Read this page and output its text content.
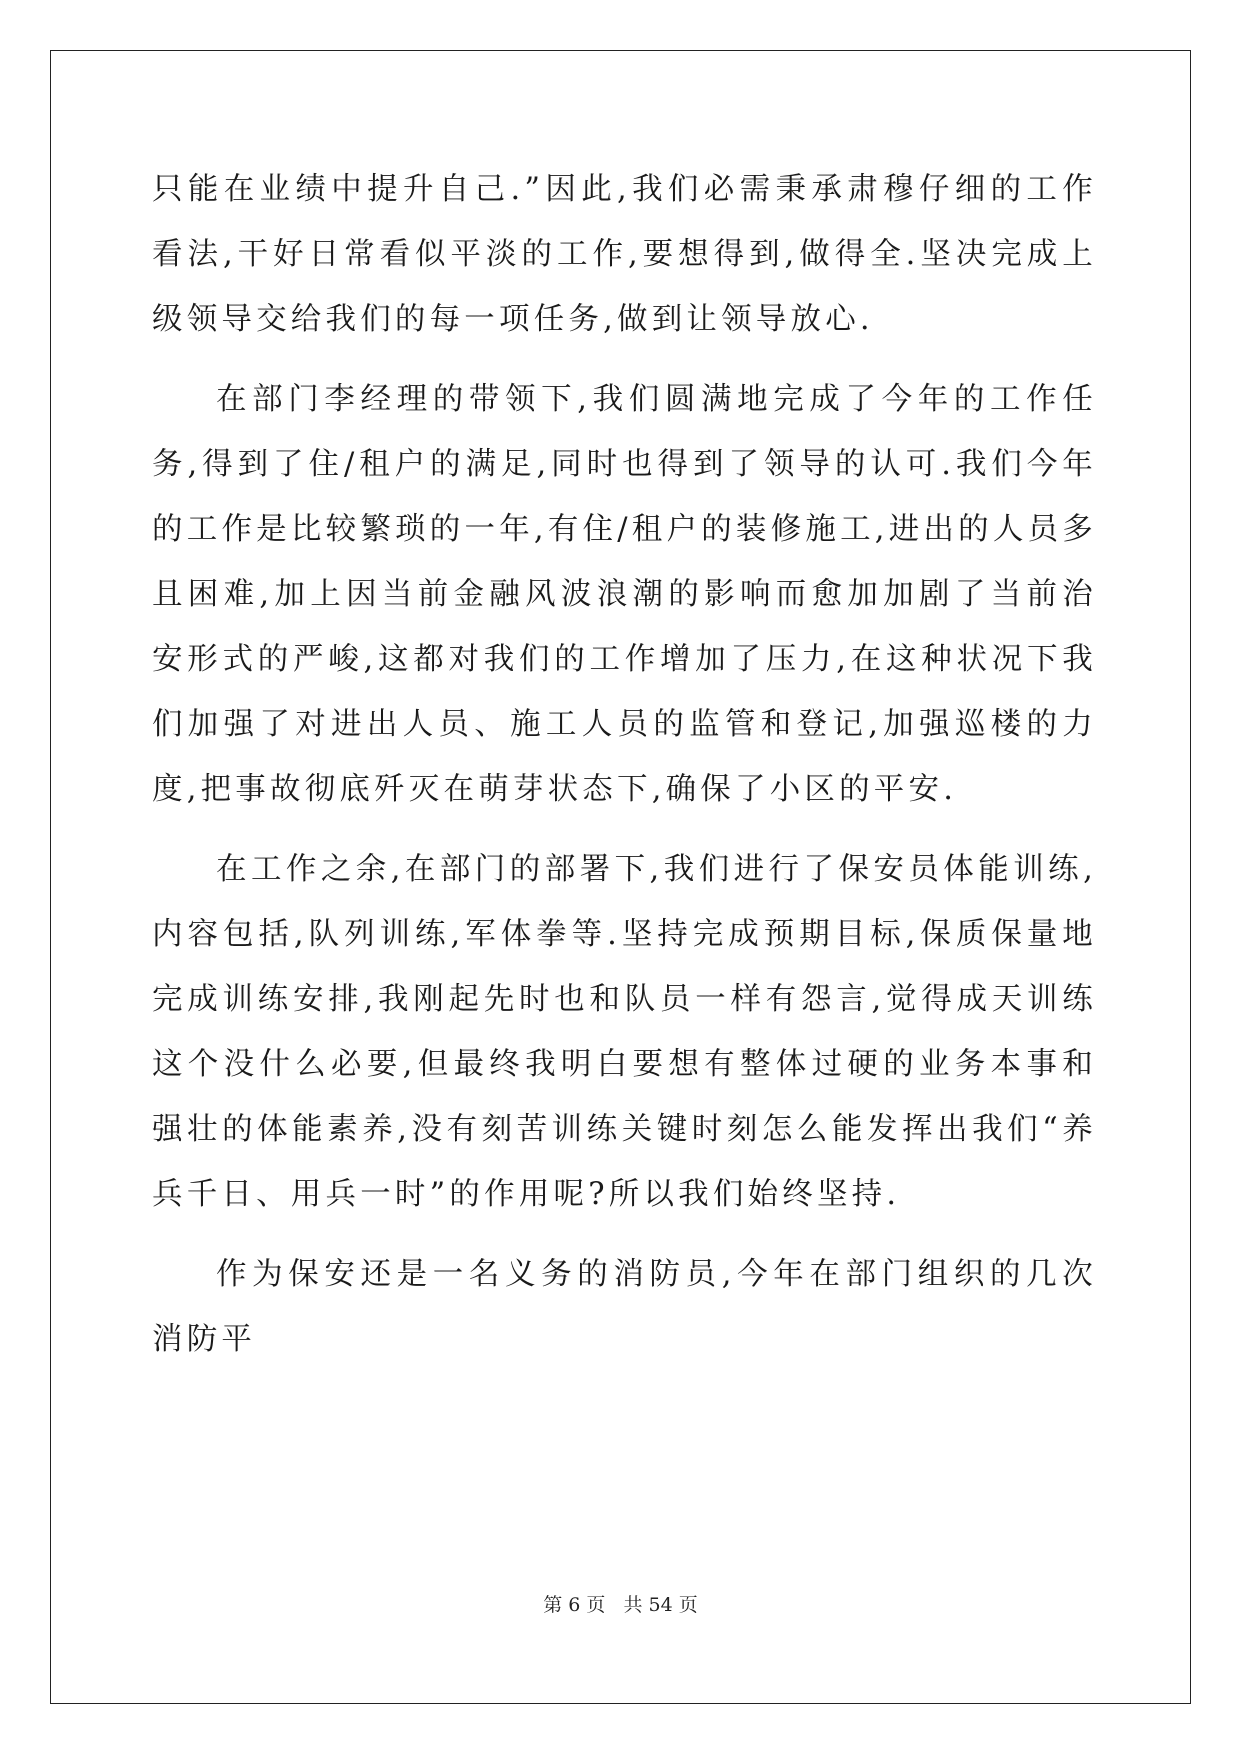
只能在业绩中提升自己.”因此,我们必需秉承肃穆仔细的工作看法,干好日常看似平淡的工作,要想得到,做得全.坚决完成上级领导交给我们的每一项任务,做到让领导放心.

在部门李经理的带领下,我们圆满地完成了今年的工作任务,得到了住/租户的满足,同时也得到了领导的认可.我们今年的工作是比较繁琐的一年,有住/租户的装修施工,进出的人员多且困难,加上因当前金融风波浪潮的影响而愈加加剧了当前治安形式的严峻,这都对我们的工作增加了压力,在这种状况下我们加强了对进出人员、施工人员的监管和登记,加强巡楼的力度,把事故彻底歼灭在萌芽状态下,确保了小区的平安.

在工作之余,在部门的部署下,我们进行了保安员体能训练,内容包括,队列训练,军体拳等.坚持完成预期目标,保质保量地完成训练安排,我刚起先时也和队员一样有怨言,觉得成天训练这个没什么必要,但最终我明白要想有整体过硬的业务本事和强壮的体能素养,没有刻苦训练关键时刻怎么能发挥出我们“养兵千日、用兵一时”的作用呢?所以我们始终坚持.

作为保安还是一名义务的消防员,今年在部门组织的几次消防平

第 6 页 共 54 页
